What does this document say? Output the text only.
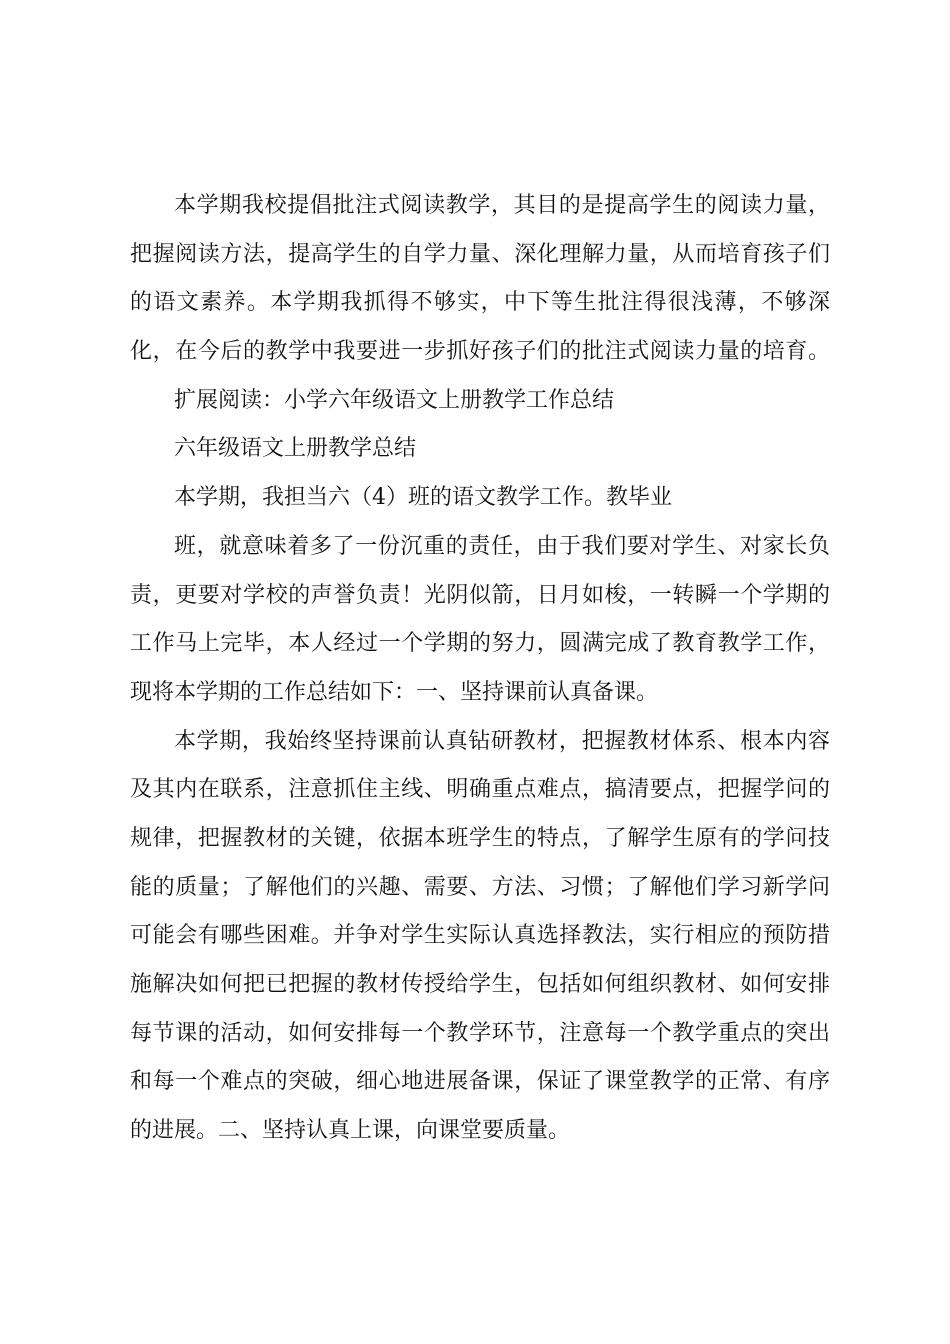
本学期我校提倡批注式阅读教学，其目的是提高学生的阅读力量，
把握阅读方法，提高学生的自学力量、深化理解力量，从而培育孩子们
的语文素养。本学期我抓得不够实，中下等生批注得很浅薄，不够深
化，在今后的教学中我要进一步抓好孩子们的批注式阅读力量的培育。
扩展阅读：小学六年级语文上册教学工作总结
六年级语文上册教学总结
本学期，我担当六（4）班的语文教学工作。教毕业
班，就意味着多了一份沉重的责任，由于我们要对学生、对家长负
责，更要对学校的声誉负责！光阴似箭，日月如梭，一转瞬一个学期的
工作马上完毕，本人经过一个学期的努力，圆满完成了教育教学工作，
现将本学期的工作总结如下：一、坚持课前认真备课。
本学期，我始终坚持课前认真钻研教材，把握教材体系、根本内容
及其内在联系，注意抓住主线、明确重点难点，搞清要点，把握学问的
规律，把握教材的关键，依据本班学生的特点，了解学生原有的学问技
能的质量；了解他们的兴趣、需要、方法、习惯；了解他们学习新学问
可能会有哪些困难。并争对学生实际认真选择教法，实行相应的预防措
施解决如何把已把握的教材传授给学生，包括如何组织教材、如何安排
每节课的活动，如何安排每一个教学环节，注意每一个教学重点的突出
和每一个难点的突破，细心地进展备课，保证了课堂教学的正常、有序
的进展。二、坚持认真上课，向课堂要质量。
